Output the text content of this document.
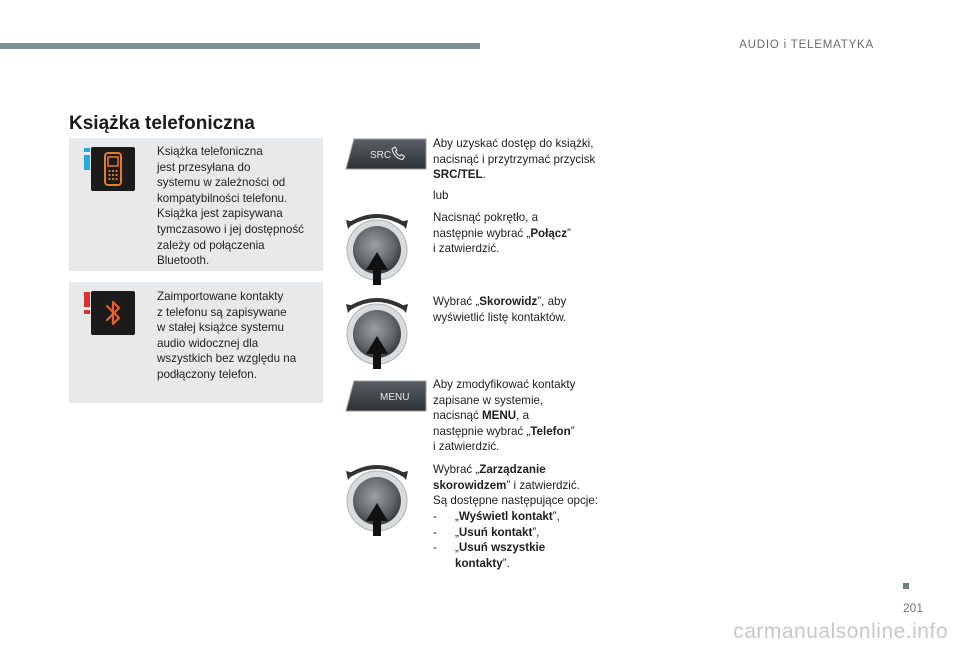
AUDIO i TELEMATYKA
Książka telefoniczna
Książka telefoniczna
jest przesyłana do
systemu w zależności od
kompatybilności telefonu.
Książka jest zapisywana
tymczasowo i jej dostępność
zależy od połączenia
Bluetooth.
Zaimportowane kontakty
z telefonu są zapisywane
w stałej książce systemu
audio widocznej dla
wszystkich bez względu na
podłączony telefon.
SRC
Aby uzyskać dostęp do książki,
nacisnąć i przytrzymać przycisk
SRC/TEL.
lub
Nacisnąć pokrętło, a
następnie wybrać „Połącz”
i zatwierdzić.
Wybrać „Skorowidz”, aby
wyświetlić listę kontaktów.
MENU
Aby zmodyfikować kontakty
zapisane w systemie,
nacisnąć MENU, a
następnie wybrać „Telefon”
i zatwierdzić.
Wybrać „Zarządzanie
skorowidzem” i zatwierdzić.
Są dostępne następujące opcje:
-	„Wyświetl kontakt”,
-	„Usuń kontakt”,
-	„Usuń wszystkie kontakty”.
201
carmanualsonline.info
